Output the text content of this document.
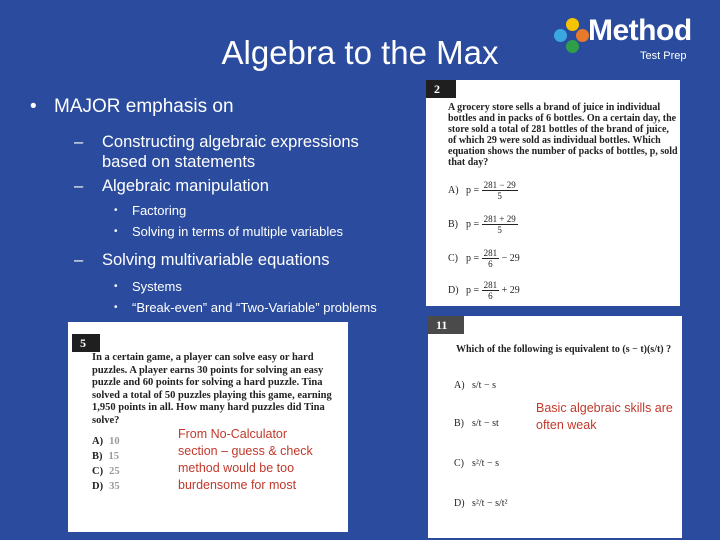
Algebra to the Max
Method
Test Prep
• MAJOR emphasis on
– Constructing algebraic expressions
based on statements
– Algebraic manipulation
• Factoring
• Solving in terms of multiple variables
– Solving multivariable equations
• Systems
• “Break-even” and “Two-Variable” problems
2
A grocery store sells a brand of juice in individual bottles and in packs of 6 bottles. On a certain day, the store sold a total of 281 bottles of the brand of juice, of which 29 were sold as individual bottles. Which equation shows the number of packs of bottles, p, sold that day?
A) $p = \frac{281 - 29}{5}$
B) $p = \frac{281 + 29}{5}$
C) $p = \frac{281}{6} - 29$
D) $p = \frac{281}{6} + 29$
11
Which of the following is equivalent to (s − t)(s/t) ?
A) s/t − s
B) s/t − st
C) s²/t − s
D) s²/t − s/t²
5
In a certain game, a player can solve easy or hard puzzles. A player earns 30 points for solving an easy puzzle and 60 points for solving a hard puzzle. Tina solved a total of 50 puzzles playing this game, earning 1,950 points in all. How many hard puzzles did Tina solve?
A) 10
B) 15
C) 25
D) 35
From No-Calculator section – guess & check method would be too burdensome for most
Basic algebraic skills are often weak
